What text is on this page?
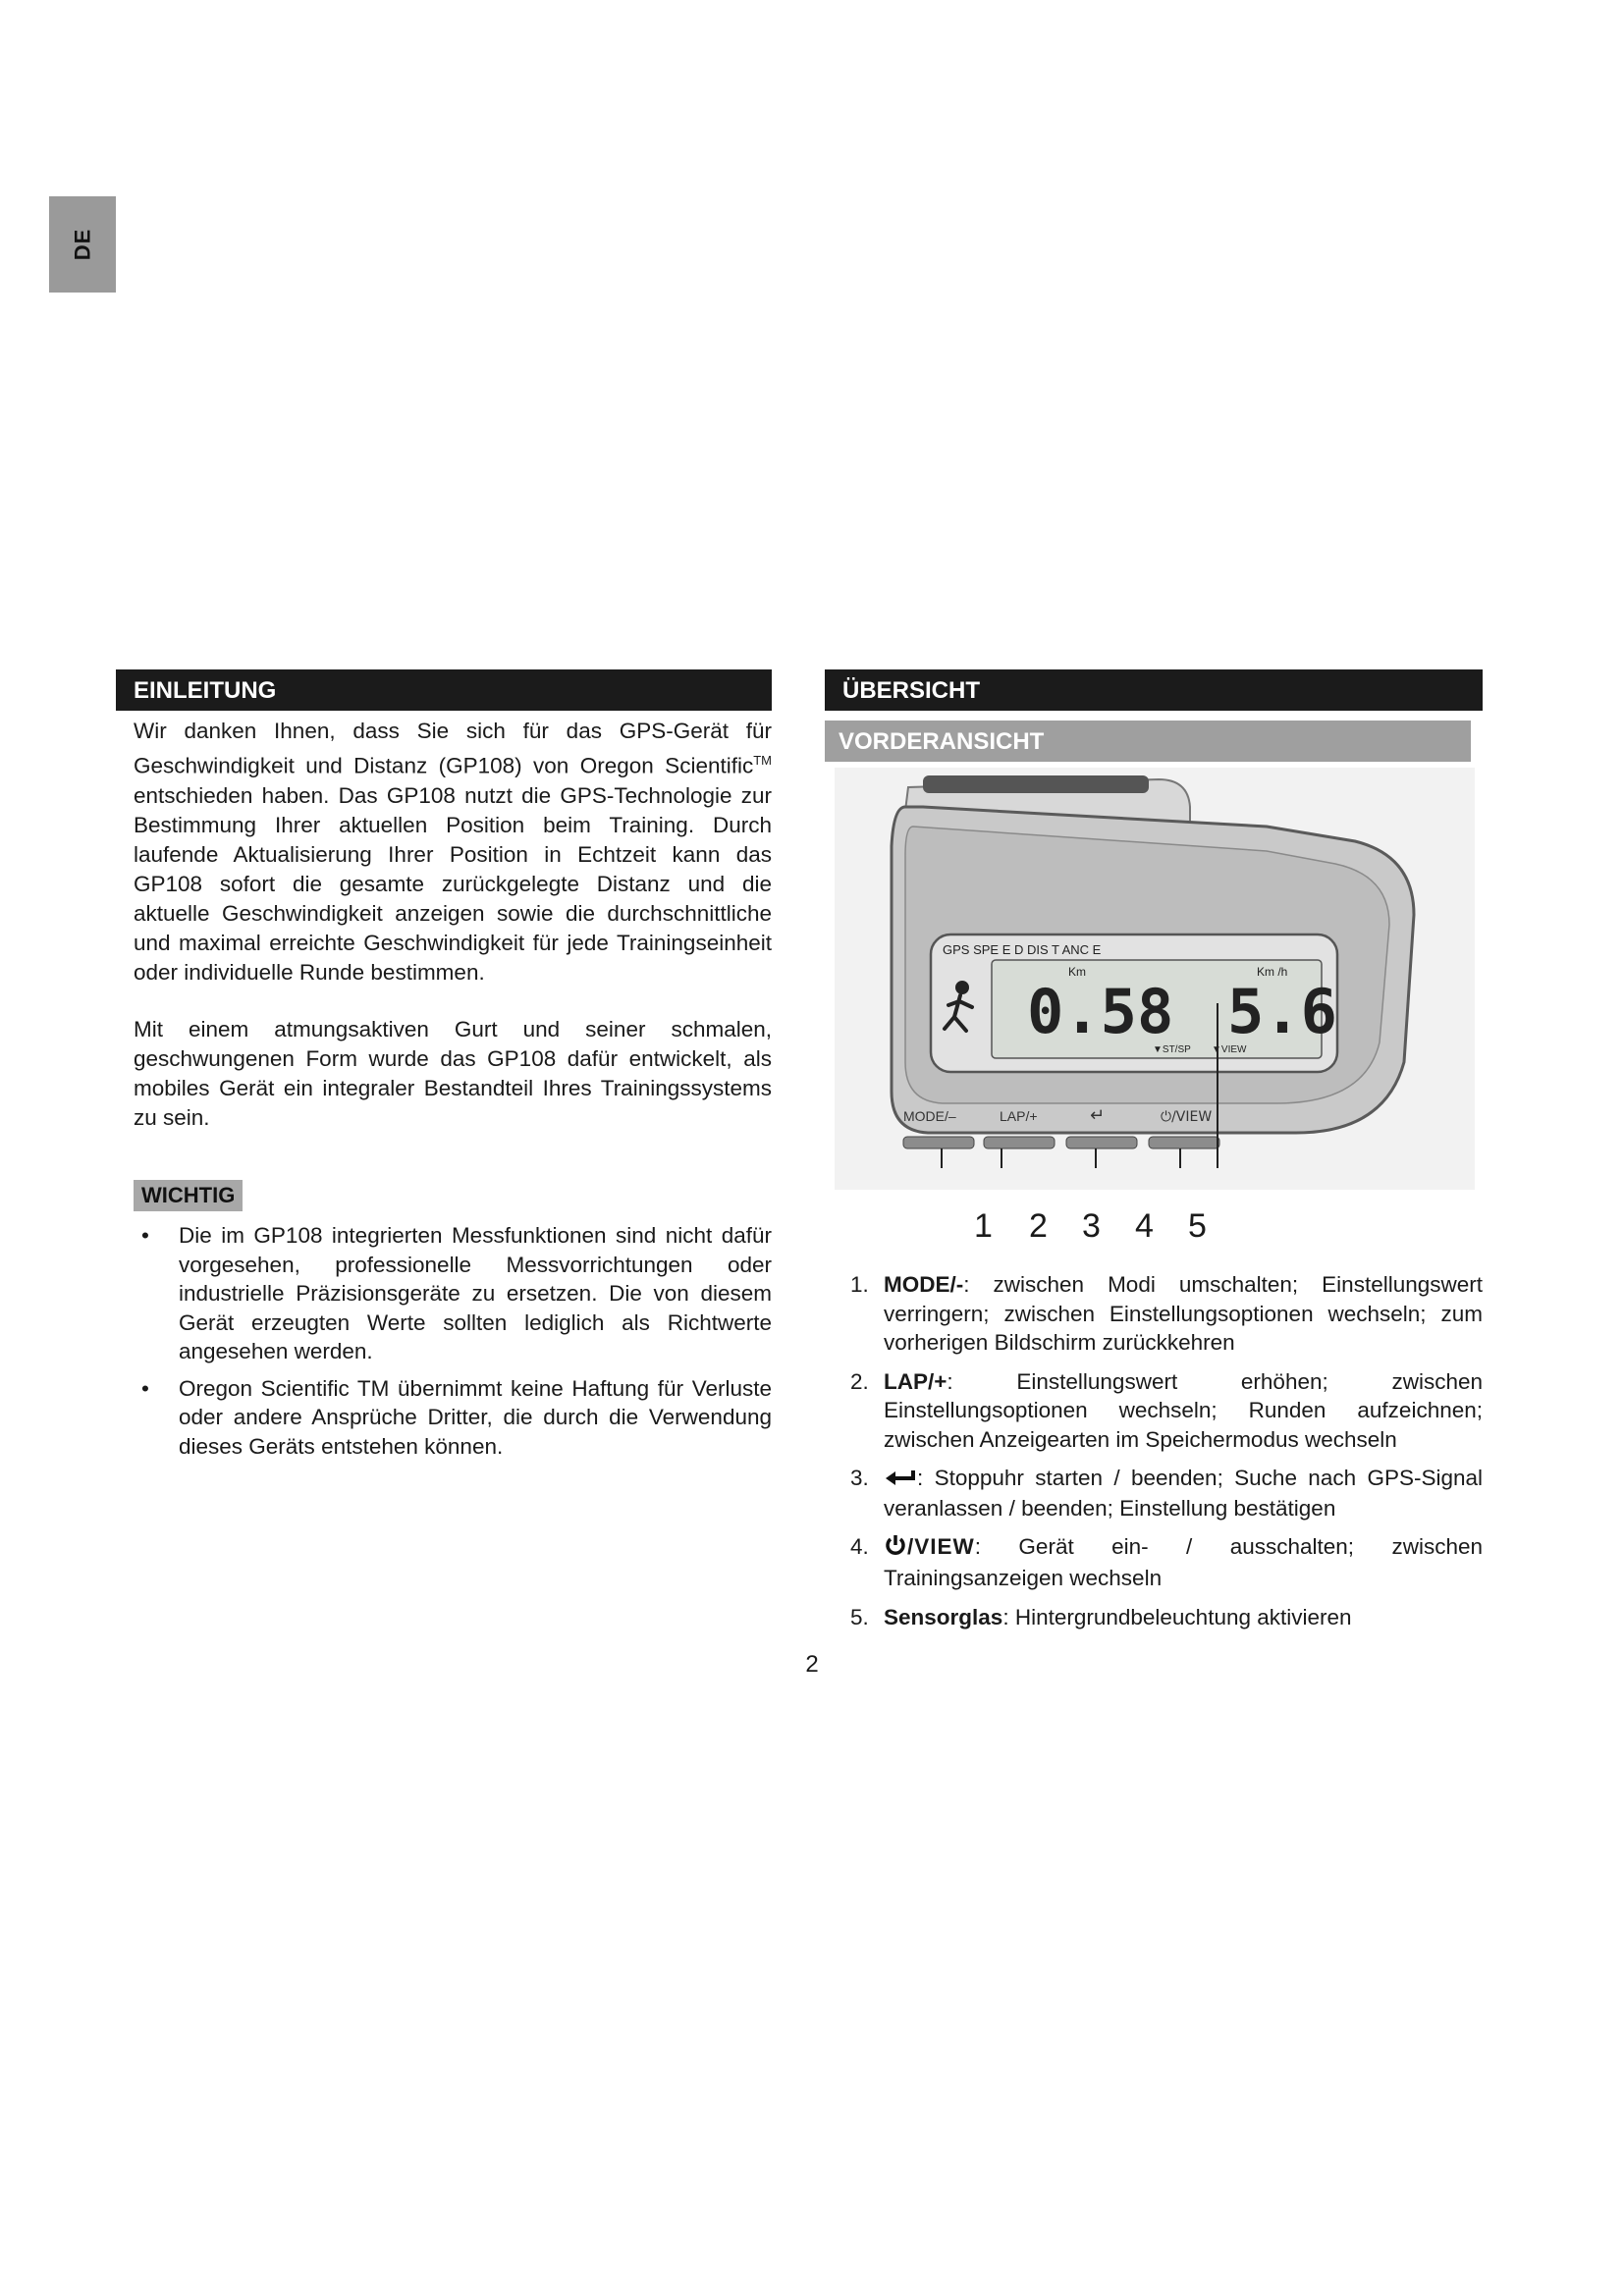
DE
EINLEITUNG
Wir danken Ihnen, dass Sie sich für das GPS-Gerät für Geschwindigkeit und Distanz (GP108) von Oregon Scientific™ entschieden haben. Das GP108 nutzt die GPS-Technologie zur Bestimmung Ihrer aktuellen Position beim Training. Durch laufende Aktualisierung Ihrer Position in Echtzeit kann das GP108 sofort die gesamte zurückgelegte Distanz und die aktuelle Geschwindigkeit anzeigen sowie die durchschnittliche und maximal erreichte Geschwindigkeit für jede Trainingseinheit oder individuelle Runde bestimmen.
Mit einem atmungsaktiven Gurt und seiner schmalen, geschwungenen Form wurde das GP108 dafür entwickelt, als mobiles Gerät ein integraler Bestandteil Ihres Trainingssystems zu sein.
WICHTIG
• Die im GP108 integrierten Messfunktionen sind nicht dafür vorgesehen, professionelle Messvorrichtungen oder industrielle Präzisionsgeräte zu ersetzen. Die von diesem Gerät erzeugten Werte sollten lediglich als Richtwerte angesehen werden.
• Oregon Scientific TM übernimmt keine Haftung für Verluste oder andere Ansprüche Dritter, die durch die Verwendung dieses Geräts entstehen können.
ÜBERSICHT
VORDERANSICHT
GPS SPE E D DIS T ANC E
Km	Km /h
0.58 5.6
▼ST/SP ▼VIEW
MODE/–	LAP/+	↵	⏻/VIEW
1 2 3 4 5
1. MODE/-: zwischen Modi umschalten; Einstellungswert verringern; zwischen Einstellungsoptionen wechseln; zum vorherigen Bildschirm zurückkehren
2. LAP/+: Einstellungswert erhöhen; zwischen Einstellungsoptionen wechseln; Runden aufzeichnen; zwischen Anzeigearten im Speichermodus wechseln
3. : Stoppuhr starten / beenden; Suche nach GPS-Signal veranlassen / beenden; Einstellung bestätigen
4. /VIEW: Gerät ein- / ausschalten; zwischen Trainingsanzeigen wechseln
5. Sensorglas: Hintergrundbeleuchtung aktivieren
2
